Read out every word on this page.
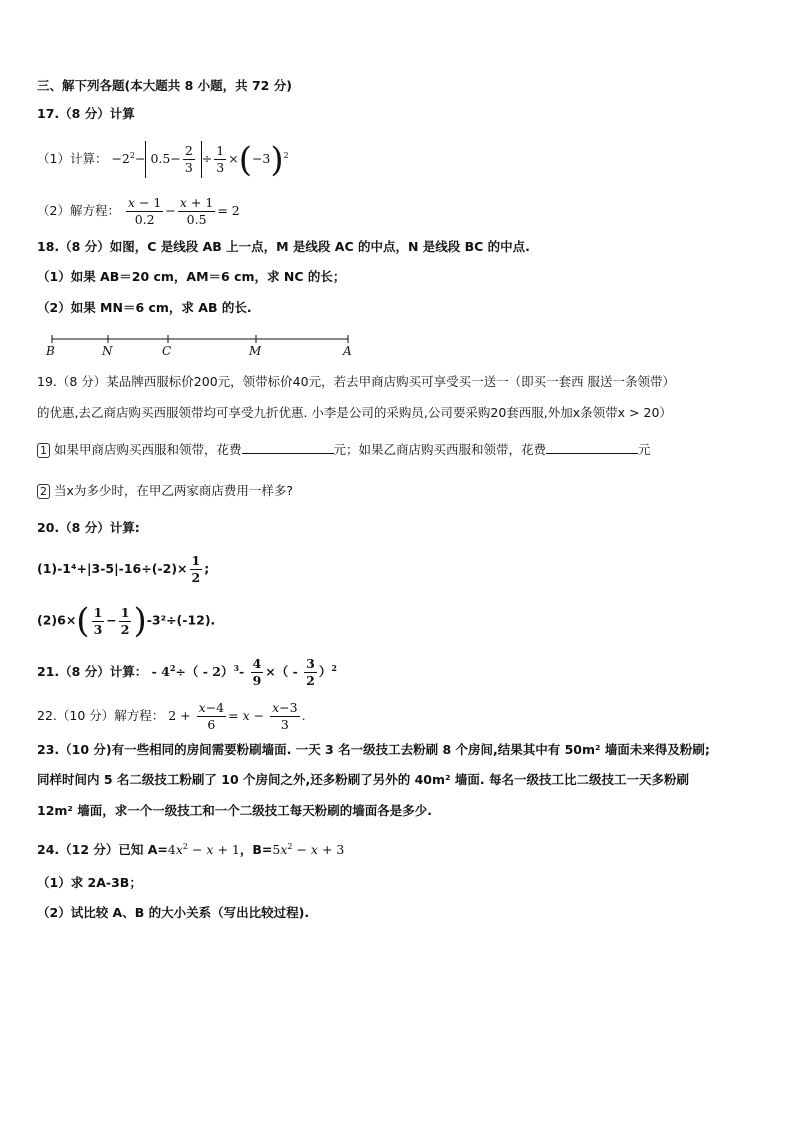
三、解下列各题(本大题共 8 小题，共 72 分)
17.（8 分）计算
（1）计算： $-2^2- 0.5- \frac{2}{3} \div \frac{1}{3} \times(-3)^2$
（2）解方程： $\frac{x - 1}{0.2} - \frac{x + 1}{0.5} = 2$
18.（8 分）如图，C 是线段 AB 上一点，M 是线段 AC 的中点，N 是线段 BC 的中点.
（1）如果 AB＝20 cm，AM＝6 cm，求 NC 的长；
（2）如果 MN＝6 cm，求 AB 的长.
B	N	C	M	A
19.（8 分）某品牌西服标价200元，领带标价40元，若去甲商店购买可享受买一送一（即买一套西 服送一条领带）
的优惠,去乙商店购买西服领带均可享受九折优惠. 小李是公司的采购员,公司要采购20套西服,外加x条领带x > 20）
1 如果甲商店购买西服和领带，花费	元；如果乙商店购买西服和领带，花费	元
2 当x为多少时，在甲乙两家商店费用一样多?
20.（8 分）计算:
$(1)-1^4+|3-5|-16\div(-2)\times \frac{1}{2}$ ;
$(2)6\times( \frac{1}{3} - \frac{1}{2} )-3^2\div(-12)$.
21.（8 分）计算： - $4^2\div( - 2)^3- \frac{4}{9}$ ×（ - $\frac{3}{2} )^2$
22.（10 分）解方程： $2 + \frac{x-4}{6} = x - \frac{x-3}{3}$ .
23.（10 分)有一些相同的房间需要粉刷墙面. 一天 3 名一级技工去粉刷 8 个房间,结果其中有 50m² 墙面未来得及粉刷;
同样时间内 5 名二级技工粉刷了 10 个房间之外,还多粉刷了另外的 40m² 墙面. 每名一级技工比二级技工一天多粉刷
12m² 墙面，求一个一级技工和一个二级技工每天粉刷的墙面各是多少.
24.（12 分）已知 $A=4x^2 - x + 1$，$B=5x^2 - x + 3$
（1）求 2A-3B；
（2）试比较 A、B 的大小关系（写出比较过程).
